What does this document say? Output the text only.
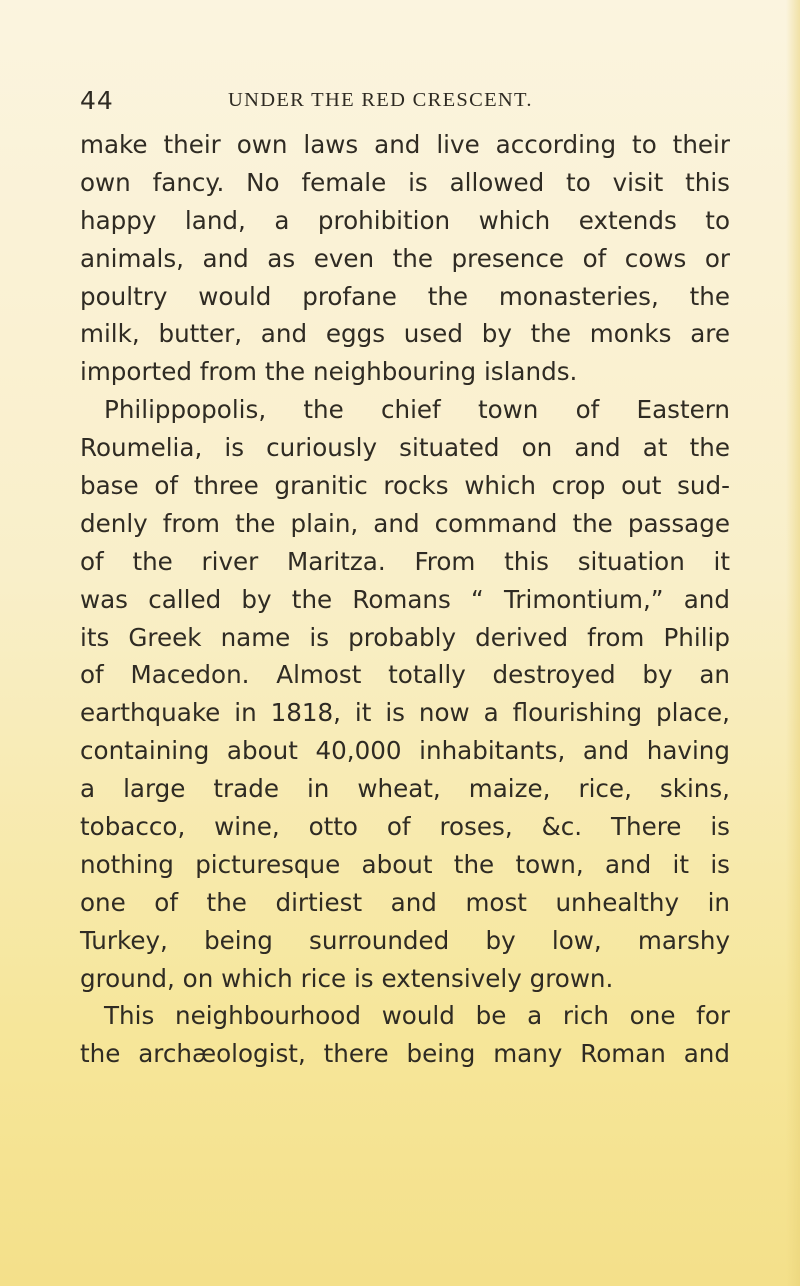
44	UNDER THE RED CRESCENT.
make their own laws and live according to their
own fancy. No female is allowed to visit this
happy land, a prohibition which extends to
animals, and as even the presence of cows or
poultry would profane the monasteries, the
milk, butter, and eggs used by the monks are
imported from the neighbouring islands.
Philippopolis, the chief town of Eastern
Roumelia, is curiously situated on and at the
base of three granitic rocks which crop out sud-
denly from the plain, and command the passage
of the river Maritza. From this situation it
was called by the Romans “ Trimontium,” and
its Greek name is probably derived from Philip
of Macedon. Almost totally destroyed by an
earthquake in 1818, it is now a flourishing place,
containing about 40,000 inhabitants, and having
a large trade in wheat, maize, rice, skins,
tobacco, wine, otto of roses, &c. There is
nothing picturesque about the town, and it is
one of the dirtiest and most unhealthy in
Turkey, being surrounded by low, marshy
ground, on which rice is extensively grown.
This neighbourhood would be a rich one for
the archæologist, there being many Roman and
